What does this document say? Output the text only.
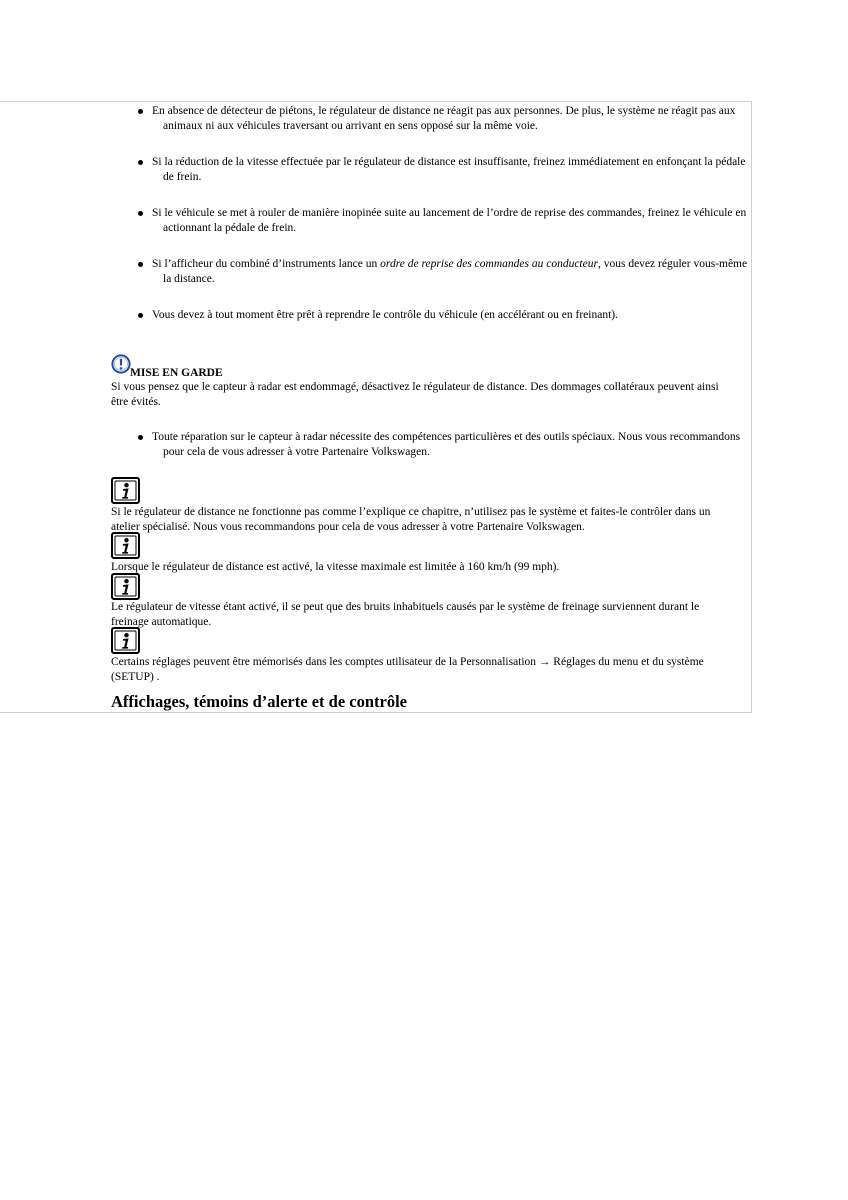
En absence de détecteur de piétons, le régulateur de distance ne réagit pas aux personnes. De plus, le système ne réagit pas aux animaux ni aux véhicules traversant ou arrivant en sens opposé sur la même voie.
Si la réduction de la vitesse effectuée par le régulateur de distance est insuffisante, freinez immédiatement en enfonçant la pédale de frein.
Si le véhicule se met à rouler de manière inopinée suite au lancement de l’ordre de reprise des commandes, freinez le véhicule en actionnant la pédale de frein.
Si l’afficheur du combiné d’instruments lance un ordre de reprise des commandes au conducteur, vous devez réguler vous-même la distance.
Vous devez à tout moment être prêt à reprendre le contrôle du véhicule (en accélérant ou en freinant).
MISE EN GARDE
Si vous pensez que le capteur à radar est endommagé, désactivez le régulateur de distance. Des dommages collatéraux peuvent ainsi être évités.
Toute réparation sur le capteur à radar nécessite des compétences particulières et des outils spéciaux. Nous vous recommandons pour cela de vous adresser à votre Partenaire Volkswagen.
Si le régulateur de distance ne fonctionne pas comme l’explique ce chapitre, n’utilisez pas le système et faites-le contrôler dans un atelier spécialisé. Nous vous recommandons pour cela de vous adresser à votre Partenaire Volkswagen.
Lorsque le régulateur de distance est activé, la vitesse maximale est limitée à 160 km/h (99 mph).
Le régulateur de vitesse étant activé, il se peut que des bruits inhabituels causés par le système de freinage surviennent durant le freinage automatique.
Certains réglages peuvent être mémorisés dans les comptes utilisateur de la Personnalisation → Réglages du menu et du système (SETUP) .
Affichages, témoins d’alerte et de contrôle
